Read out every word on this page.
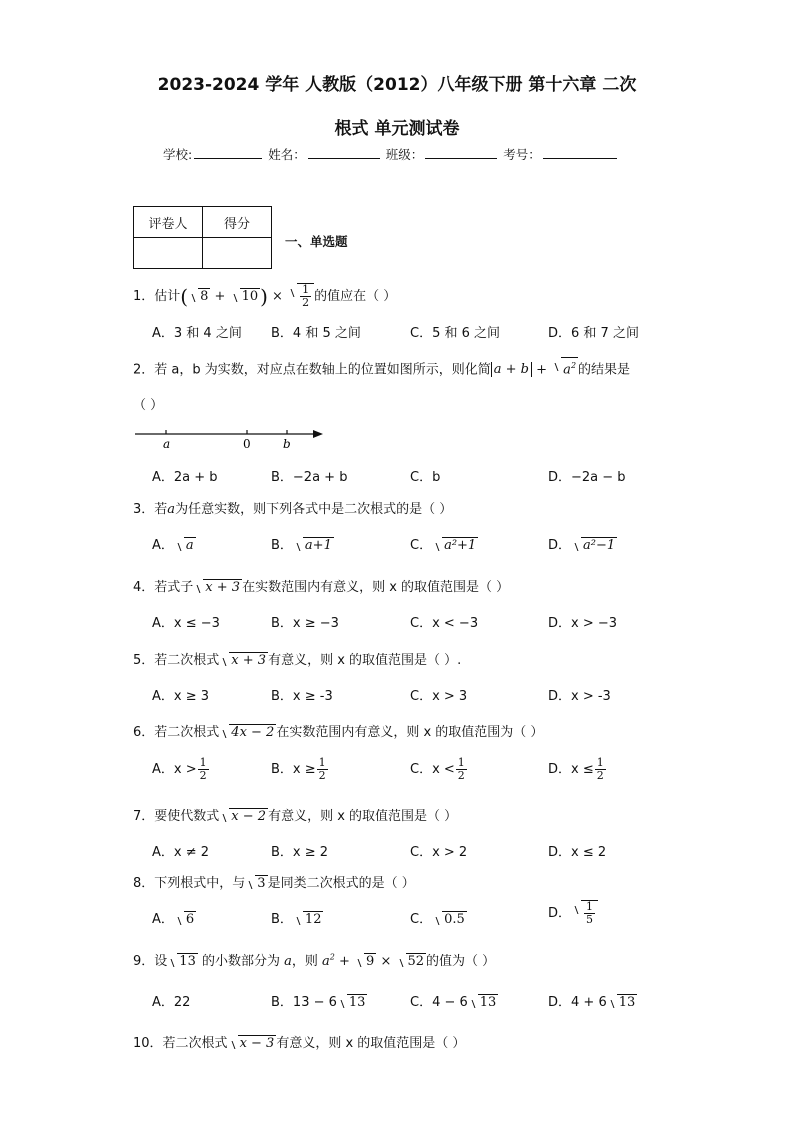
2023-2024 学年 人教版（2012）八年级下册 第十六章 二次
根式 单元测试卷
学校:	姓名：	班级：	考号：
评卷人	得分

一、单选题
1．估计( 8 + 10 ) × $\frac{1}{2}$ 的值应在（ ）
A．3 和 4 之间 B．4 和 5 之间	C．5 和 6 之间	D．6 和 7 之间
2．若 a，b 为实数，对应点在数轴上的位置如图所示，则化简 $a + b + a^2$ 的结果是
（ ）
a	0	b
A．2a + b	B．−2a + b	C．b	D．−2a − b
3．若a为任意实数，则下列各式中是二次根式的是（ ）
A． a	B． a+1	C． a²+1	D． a²−1
4．若式子 x + 3 在实数范围内有意义，则 x 的取值范围是（ ）
A．x ≤ −3	B．x ≥ −3	C．x < −3	D．x > −3
5．若二次根式 x + 3 有意义，则 x 的取值范围是（ ）.
A．x ≥ 3	B．x ≥ -3	C．x > 3	D．x > -3
6．若二次根式 4x − 2 在实数范围内有意义，则 x 的取值范围为（ ）
A．$x > \frac{1}{2}$	B．$x \ge \frac{1}{2}$	C．$x < \frac{1}{2}$	D．$x \le \frac{1}{2}$
7．要使代数式 x − 2 有意义，则 x 的取值范围是（ ）
A．x ≠ 2	B．x ≥ 2	C．x > 2	D．x ≤ 2
8．下列根式中，与 3 是同类二次根式的是（ ）
A． 6	B． 12	C． 0.5	D． $\frac{1}{5}$
9．设 13 的小数部分为 a，则 $a^2 + 9 \times 52$ 的值为（ ）
A．22	B．13 − 6 13	C．4 − 6 13	D．4 + 6 13
10．若二次根式 x − 3 有意义，则 x 的取值范围是（ ）
